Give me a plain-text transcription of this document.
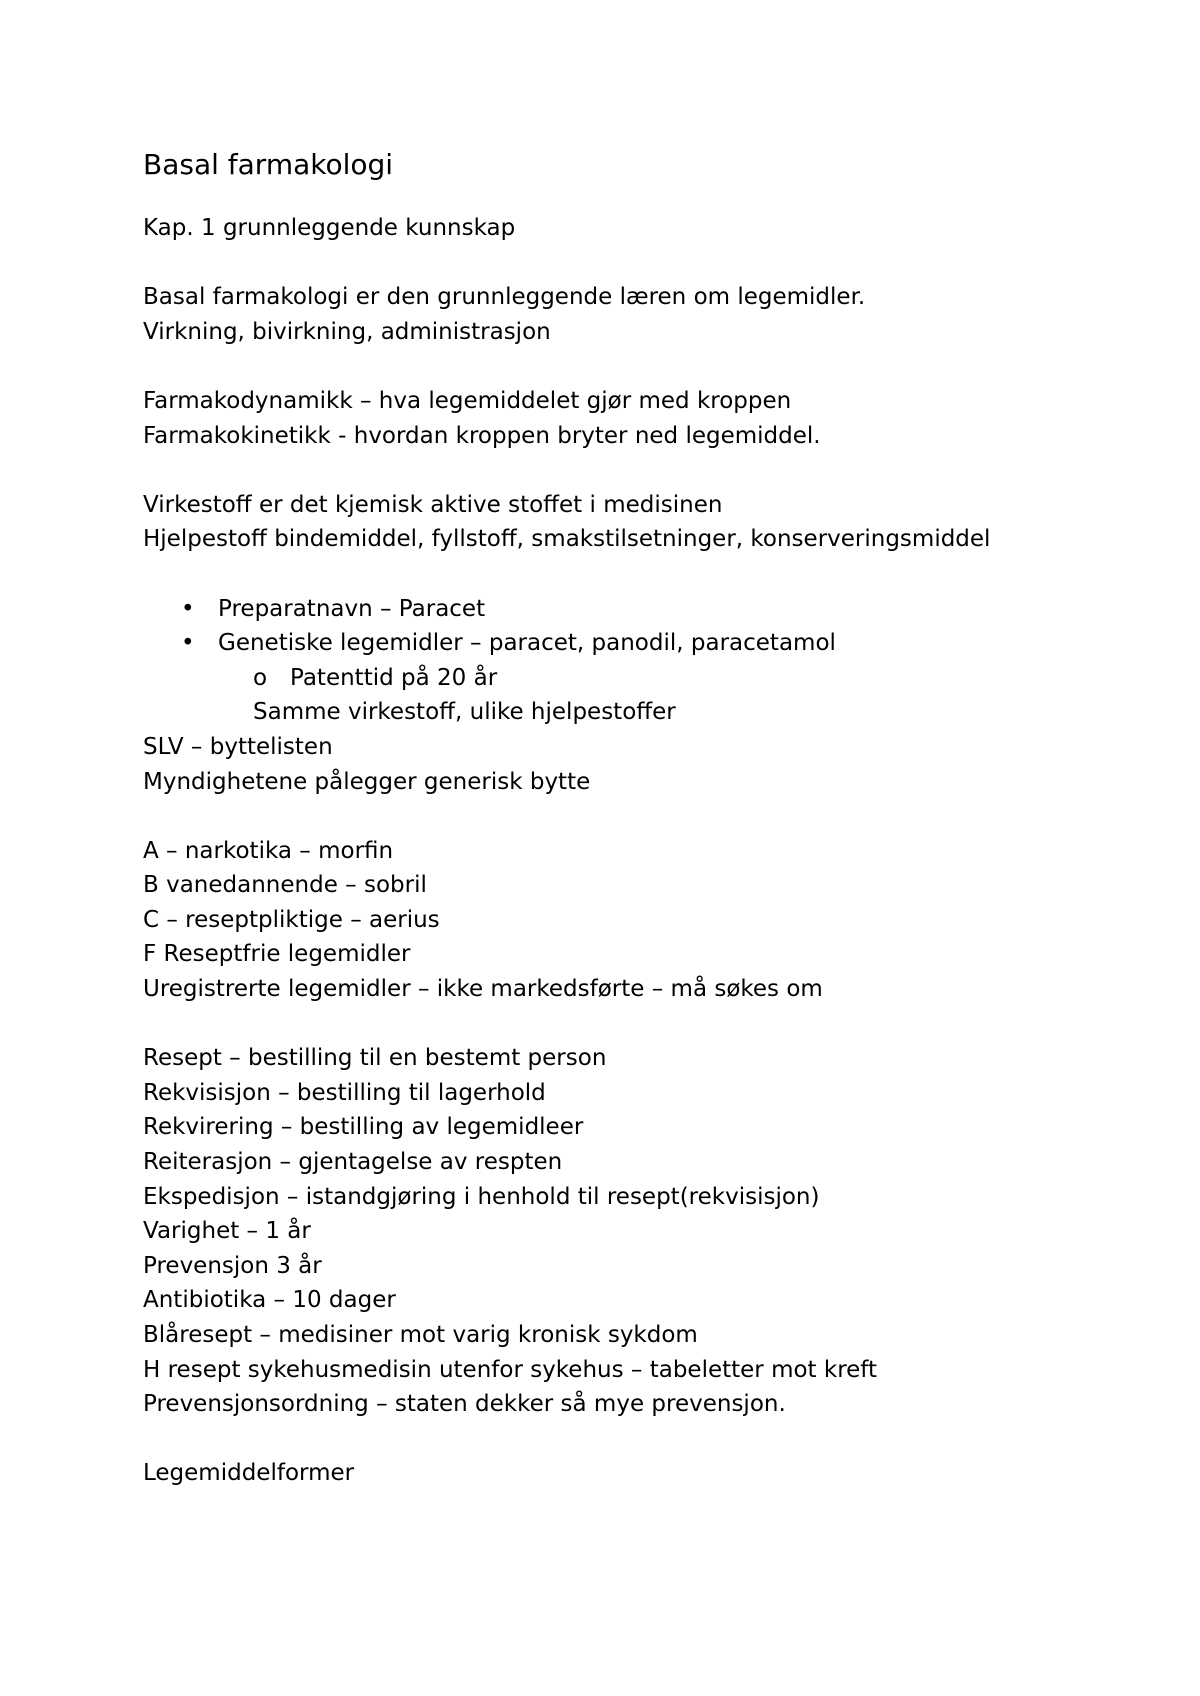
Basal farmakologi
Kap. 1 grunnleggende kunnskap
Basal farmakologi er den grunnleggende læren om legemidler.
Virkning, bivirkning, administrasjon
Farmakodynamikk – hva legemiddelet gjør med kroppen
Farmakokinetikk - hvordan kroppen bryter ned legemiddel.
Virkestoff er det kjemisk aktive stoffet i medisinen
Hjelpestoff bindemiddel, fyllstoff, smakstilsetninger, konserveringsmiddel
• Preparatnavn – Paracet
• Genetiske legemidler – paracet, panodil, paracetamol
o Patenttid på 20 år
Samme virkestoff, ulike hjelpestoffer
SLV – byttelisten
Myndighetene pålegger generisk bytte
A – narkotika – morfin
B vanedannende – sobril
C – reseptpliktige – aerius
F Reseptfrie legemidler
Uregistrerte legemidler – ikke markedsførte – må søkes om
Resept – bestilling til en bestemt person
Rekvisisjon – bestilling til lagerhold
Rekvirering – bestilling av legemidleer
Reiterasjon – gjentagelse av respten
Ekspedisjon – istandgjøring i henhold til resept(rekvisisjon)
Varighet – 1 år
Prevensjon 3 år
Antibiotika – 10 dager
Blåresept – medisiner mot varig kronisk sykdom
H resept sykehusmedisin utenfor sykehus – tabeletter mot kreft
Prevensjonsordning – staten dekker så mye prevensjon.
Legemiddelformer
